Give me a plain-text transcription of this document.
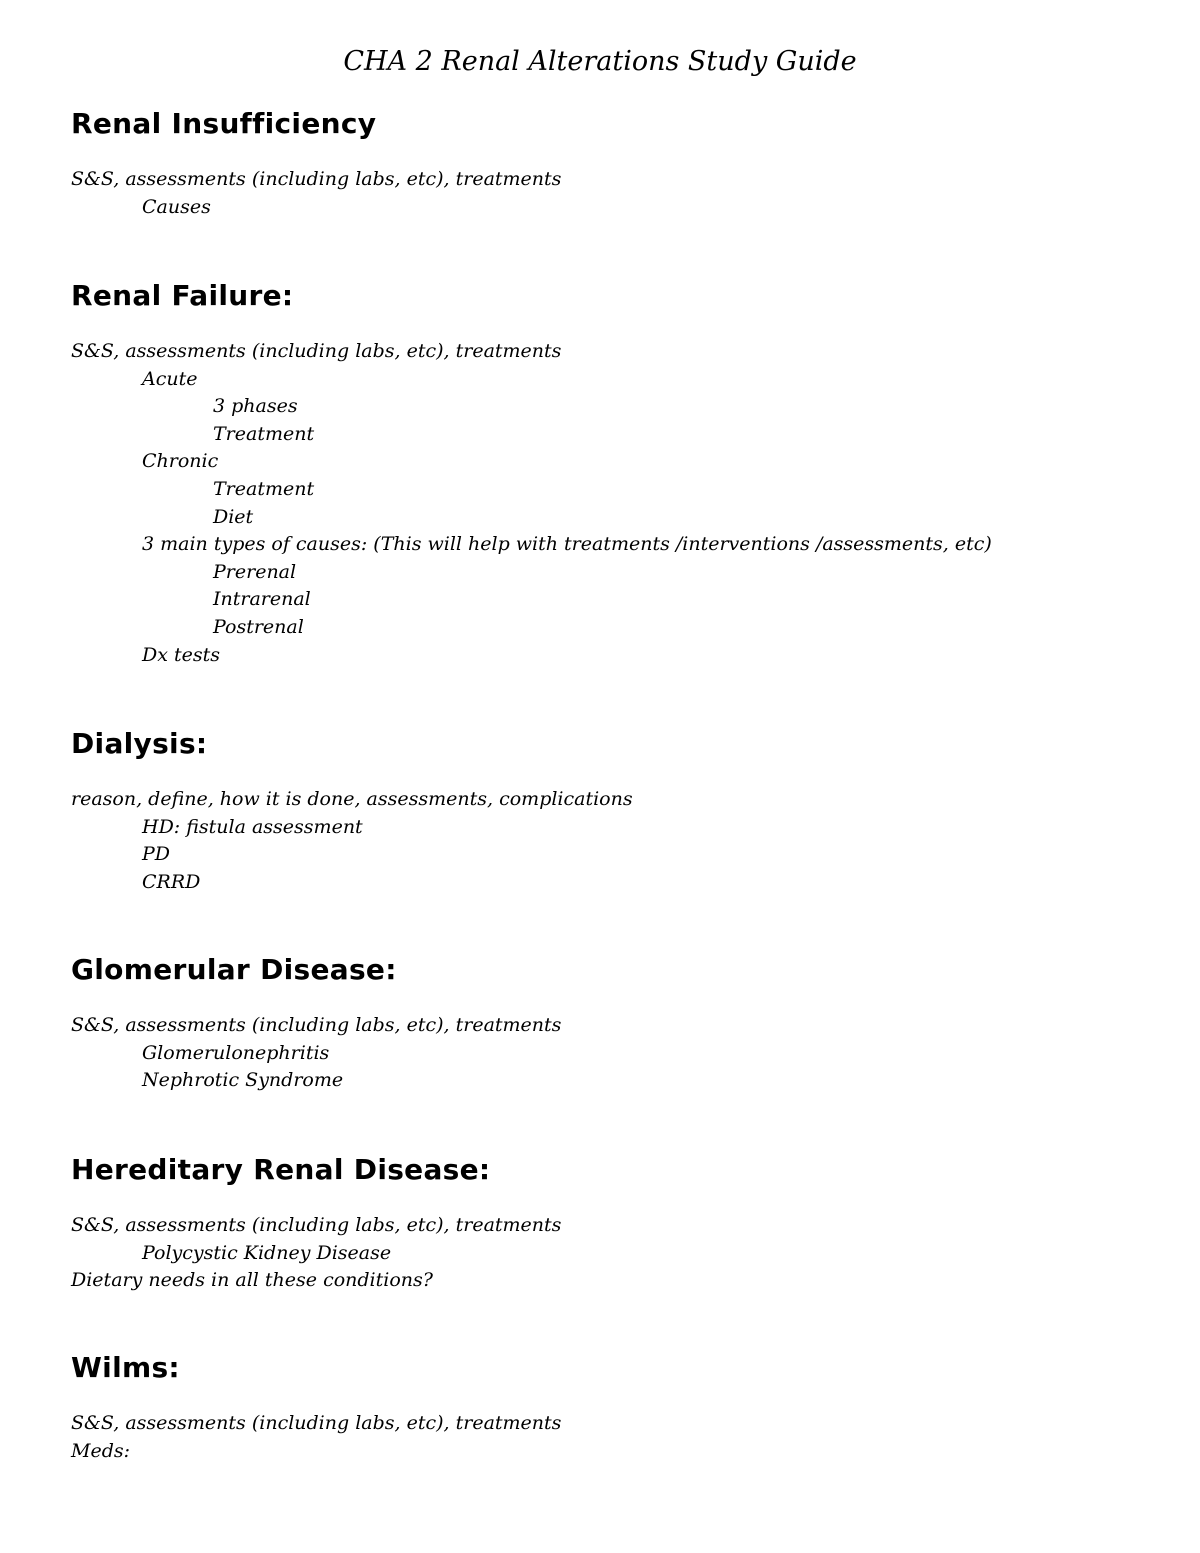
CHA 2 Renal Alterations Study Guide
Renal Insufficiency
S&S, assessments (including labs, etc), treatments
Causes
Renal Failure:
S&S, assessments (including labs, etc), treatments
Acute
3 phases
Treatment
Chronic
Treatment
Diet
3 main types of causes: (This will help with treatments /interventions /assessments, etc)
Prerenal
Intrarenal
Postrenal
Dx tests
Dialysis:
reason, define, how it is done, assessments, complications
HD: fistula assessment
PD
CRRD
Glomerular Disease:
S&S, assessments (including labs, etc), treatments
Glomerulonephritis
Nephrotic Syndrome
Hereditary Renal Disease:
S&S, assessments (including labs, etc), treatments
Polycystic Kidney Disease
Dietary needs in all these conditions?
Wilms:
S&S, assessments (including labs, etc), treatments
Meds:
